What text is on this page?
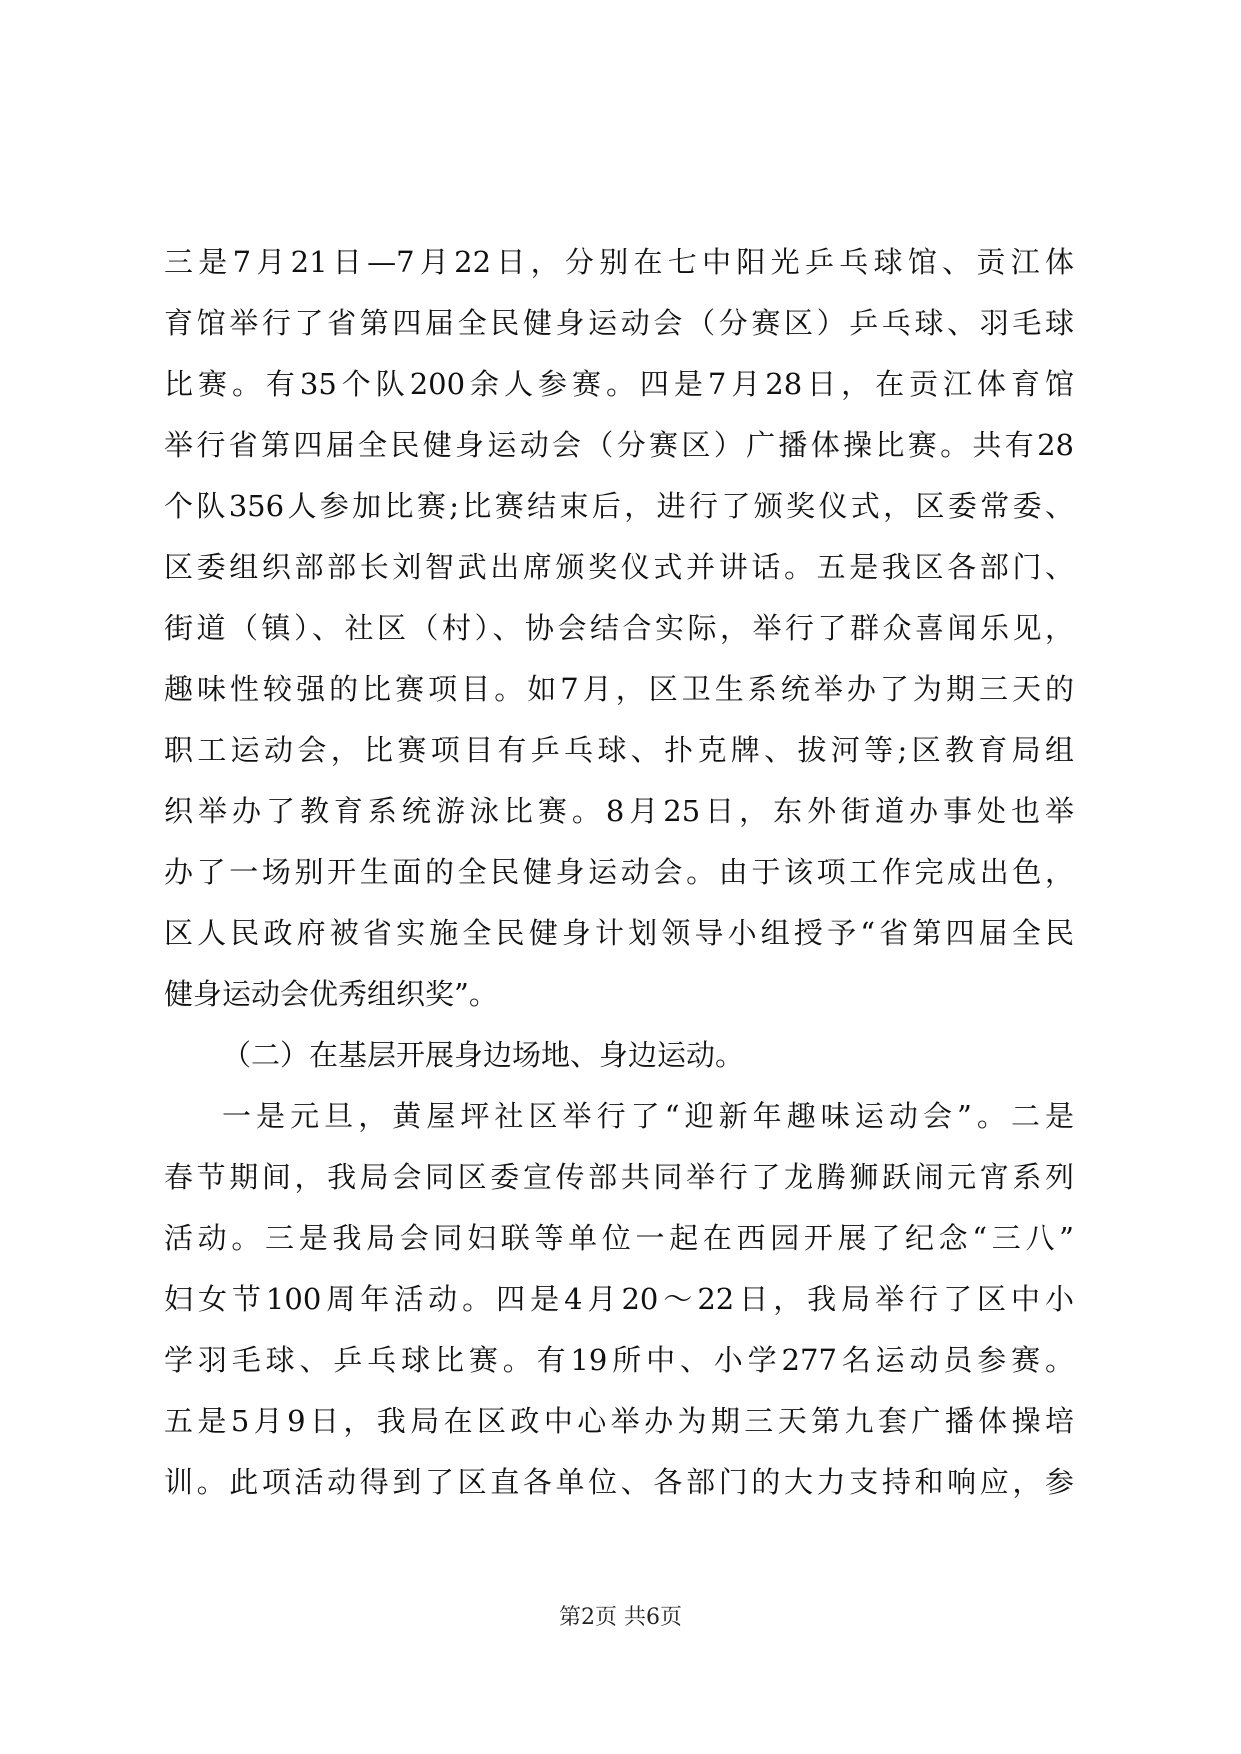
三是7月21日—7月22日，分别在七中阳光乒乓球馆、贡江体
育馆举行了省第四届全民健身运动会（分赛区）乒乓球、羽毛球
比赛。有35个队200余人参赛。四是7月28日，在贡江体育馆
举行省第四届全民健身运动会（分赛区）广播体操比赛。共有28
个队356人参加比赛;比赛结束后，进行了颁奖仪式，区委常委、
区委组织部部长刘智武出席颁奖仪式并讲话。五是我区各部门、
街道（镇）、社区（村）、协会结合实际，举行了群众喜闻乐见，
趣味性较强的比赛项目。如7月，区卫生系统举办了为期三天的
职工运动会，比赛项目有乒乓球、扑克牌、拔河等;区教育局组
织举办了教育系统游泳比赛。8月25日，东外街道办事处也举
办了一场别开生面的全民健身运动会。由于该项工作完成出色，
区人民政府被省实施全民健身计划领导小组授予“省第四届全民
健身运动会优秀组织奖”。
（二）在基层开展身边场地、身边运动。
一是元旦，黄屋坪社区举行了“迎新年趣味运动会”。二是
春节期间，我局会同区委宣传部共同举行了龙腾狮跃闹元宵系列
活动。三是我局会同妇联等单位一起在西园开展了纪念“三八”
妇女节100周年活动。四是4月20～22日，我局举行了区中小
学羽毛球、乒乓球比赛。有19所中、小学277名运动员参赛。
五是5月9日，我局在区政中心举办为期三天第九套广播体操培
训。此项活动得到了区直各单位、各部门的大力支持和响应，参
第2页 共6页
